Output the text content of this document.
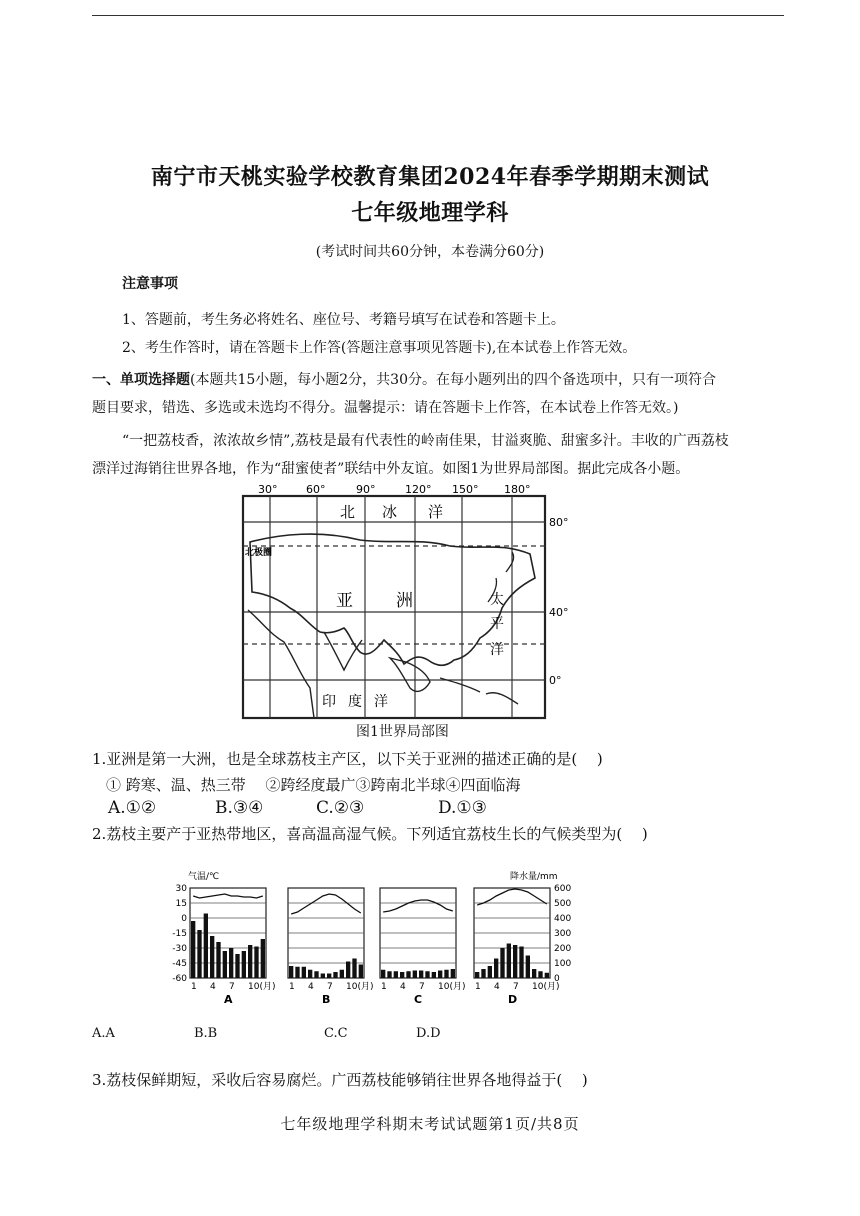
南宁市天桃实验学校教育集团2024年春季学期期末测试
七年级地理学科
(考试时间共60分钟，本卷满分60分)
注意事项
1、答题前，考生务必将姓名、座位号、考籍号填写在试卷和答题卡上。
2、考生作答时，请在答题卡上作答(答题注意事项见答题卡),在本试卷上作答无效。
一、单项选择题(本题共15小题，每小题2分，共30分。在每小题列出的四个备选项中，只有一项符合
题目要求，错选、多选或未选均不得分。温馨提示：请在答题卡上作答，在本试卷上作答无效。)
“一把荔枝香，浓浓故乡情”,荔枝是最有代表性的岭南佳果，甘溢爽脆、甜蜜多汁。丰收的广西荔枝
漂洋过海销往世界各地，作为“甜蜜使者”联结中外友谊。如图1为世界局部图。据此完成各小题。
30°	60°	90°	120° 150° 180°
80°
40°
0°
北极圈
北 冰 洋
亚	洲	太
平
洋
印 度 洋
图1世界局部图
1.亚洲是第一大洲，也是全球荔枝主产区，以下关于亚洲的描述正确的是(　 )
① 跨寒、温、热三带　 ②跨经度最广③跨南北半球④四面临海
A.①②	B.③④	C.②③	D.①③
2.荔枝主要产于亚热带地区，喜高温高湿气候。下列适宜荔枝生长的气候类型为(　 )
气温/℃	降水量/mm
30
15
0
-15
-30
-45
-60
600
500
400
300
200
100
0
1 4 7 10(月)
A
1 4 7 10(月)
B
1 4 7 10(月)
C
1 4 7 10(月)
D
A.A	B.B	C.C	D.D
3.荔枝保鲜期短，采收后容易腐烂。广西荔枝能够销往世界各地得益于(　 )
七年级地理学科期末考试试题第1页/共8页
